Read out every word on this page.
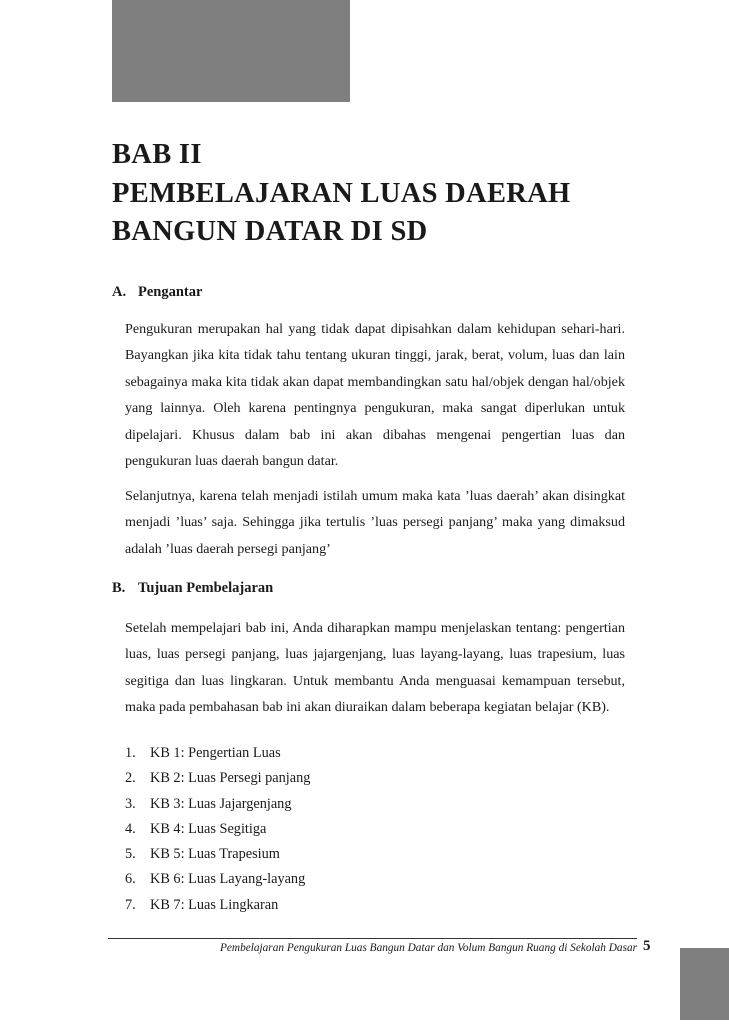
BAB II
PEMBELAJARAN LUAS DAERAH
BANGUN DATAR DI SD
A. Pengantar

Pengukuran merupakan hal yang tidak dapat dipisahkan dalam kehidupan sehari-hari. Bayangkan jika kita tidak tahu tentang ukuran tinggi, jarak, berat, volum, luas dan lain sebagainya maka kita tidak akan dapat membandingkan satu hal/objek dengan hal/objek yang lainnya. Oleh karena pentingnya pengukuran, maka sangat diperlukan untuk dipelajari. Khusus dalam bab ini akan dibahas mengenai pengertian luas dan pengukuran luas daerah bangun datar.

Selanjutnya, karena telah menjadi istilah umum maka kata ’luas daerah’ akan disingkat menjadi ’luas’ saja. Sehingga jika tertulis ’luas persegi panjang’ maka yang dimaksud adalah ’luas daerah persegi panjang’

B. Tujuan Pembelajaran

Setelah mempelajari bab ini, Anda diharapkan mampu menjelaskan tentang: pengertian luas, luas persegi panjang, luas jajargenjang, luas layang-layang, luas trapesium, luas segitiga dan luas lingkaran. Untuk membantu Anda menguasai kemampuan tersebut, maka pada pembahasan bab ini akan diuraikan dalam beberapa kegiatan belajar (KB).

1. KB 1: Pengertian Luas
2. KB 2: Luas Persegi panjang
3. KB 3: Luas Jajargenjang
4. KB 4: Luas Segitiga
5. KB 5: Luas Trapesium
6. KB 6: Luas Layang-layang
7. KB 7: Luas Lingkaran
Pembelajaran Pengukuran Luas Bangun Datar dan Volum Bangun Ruang di Sekolah Dasar 5
